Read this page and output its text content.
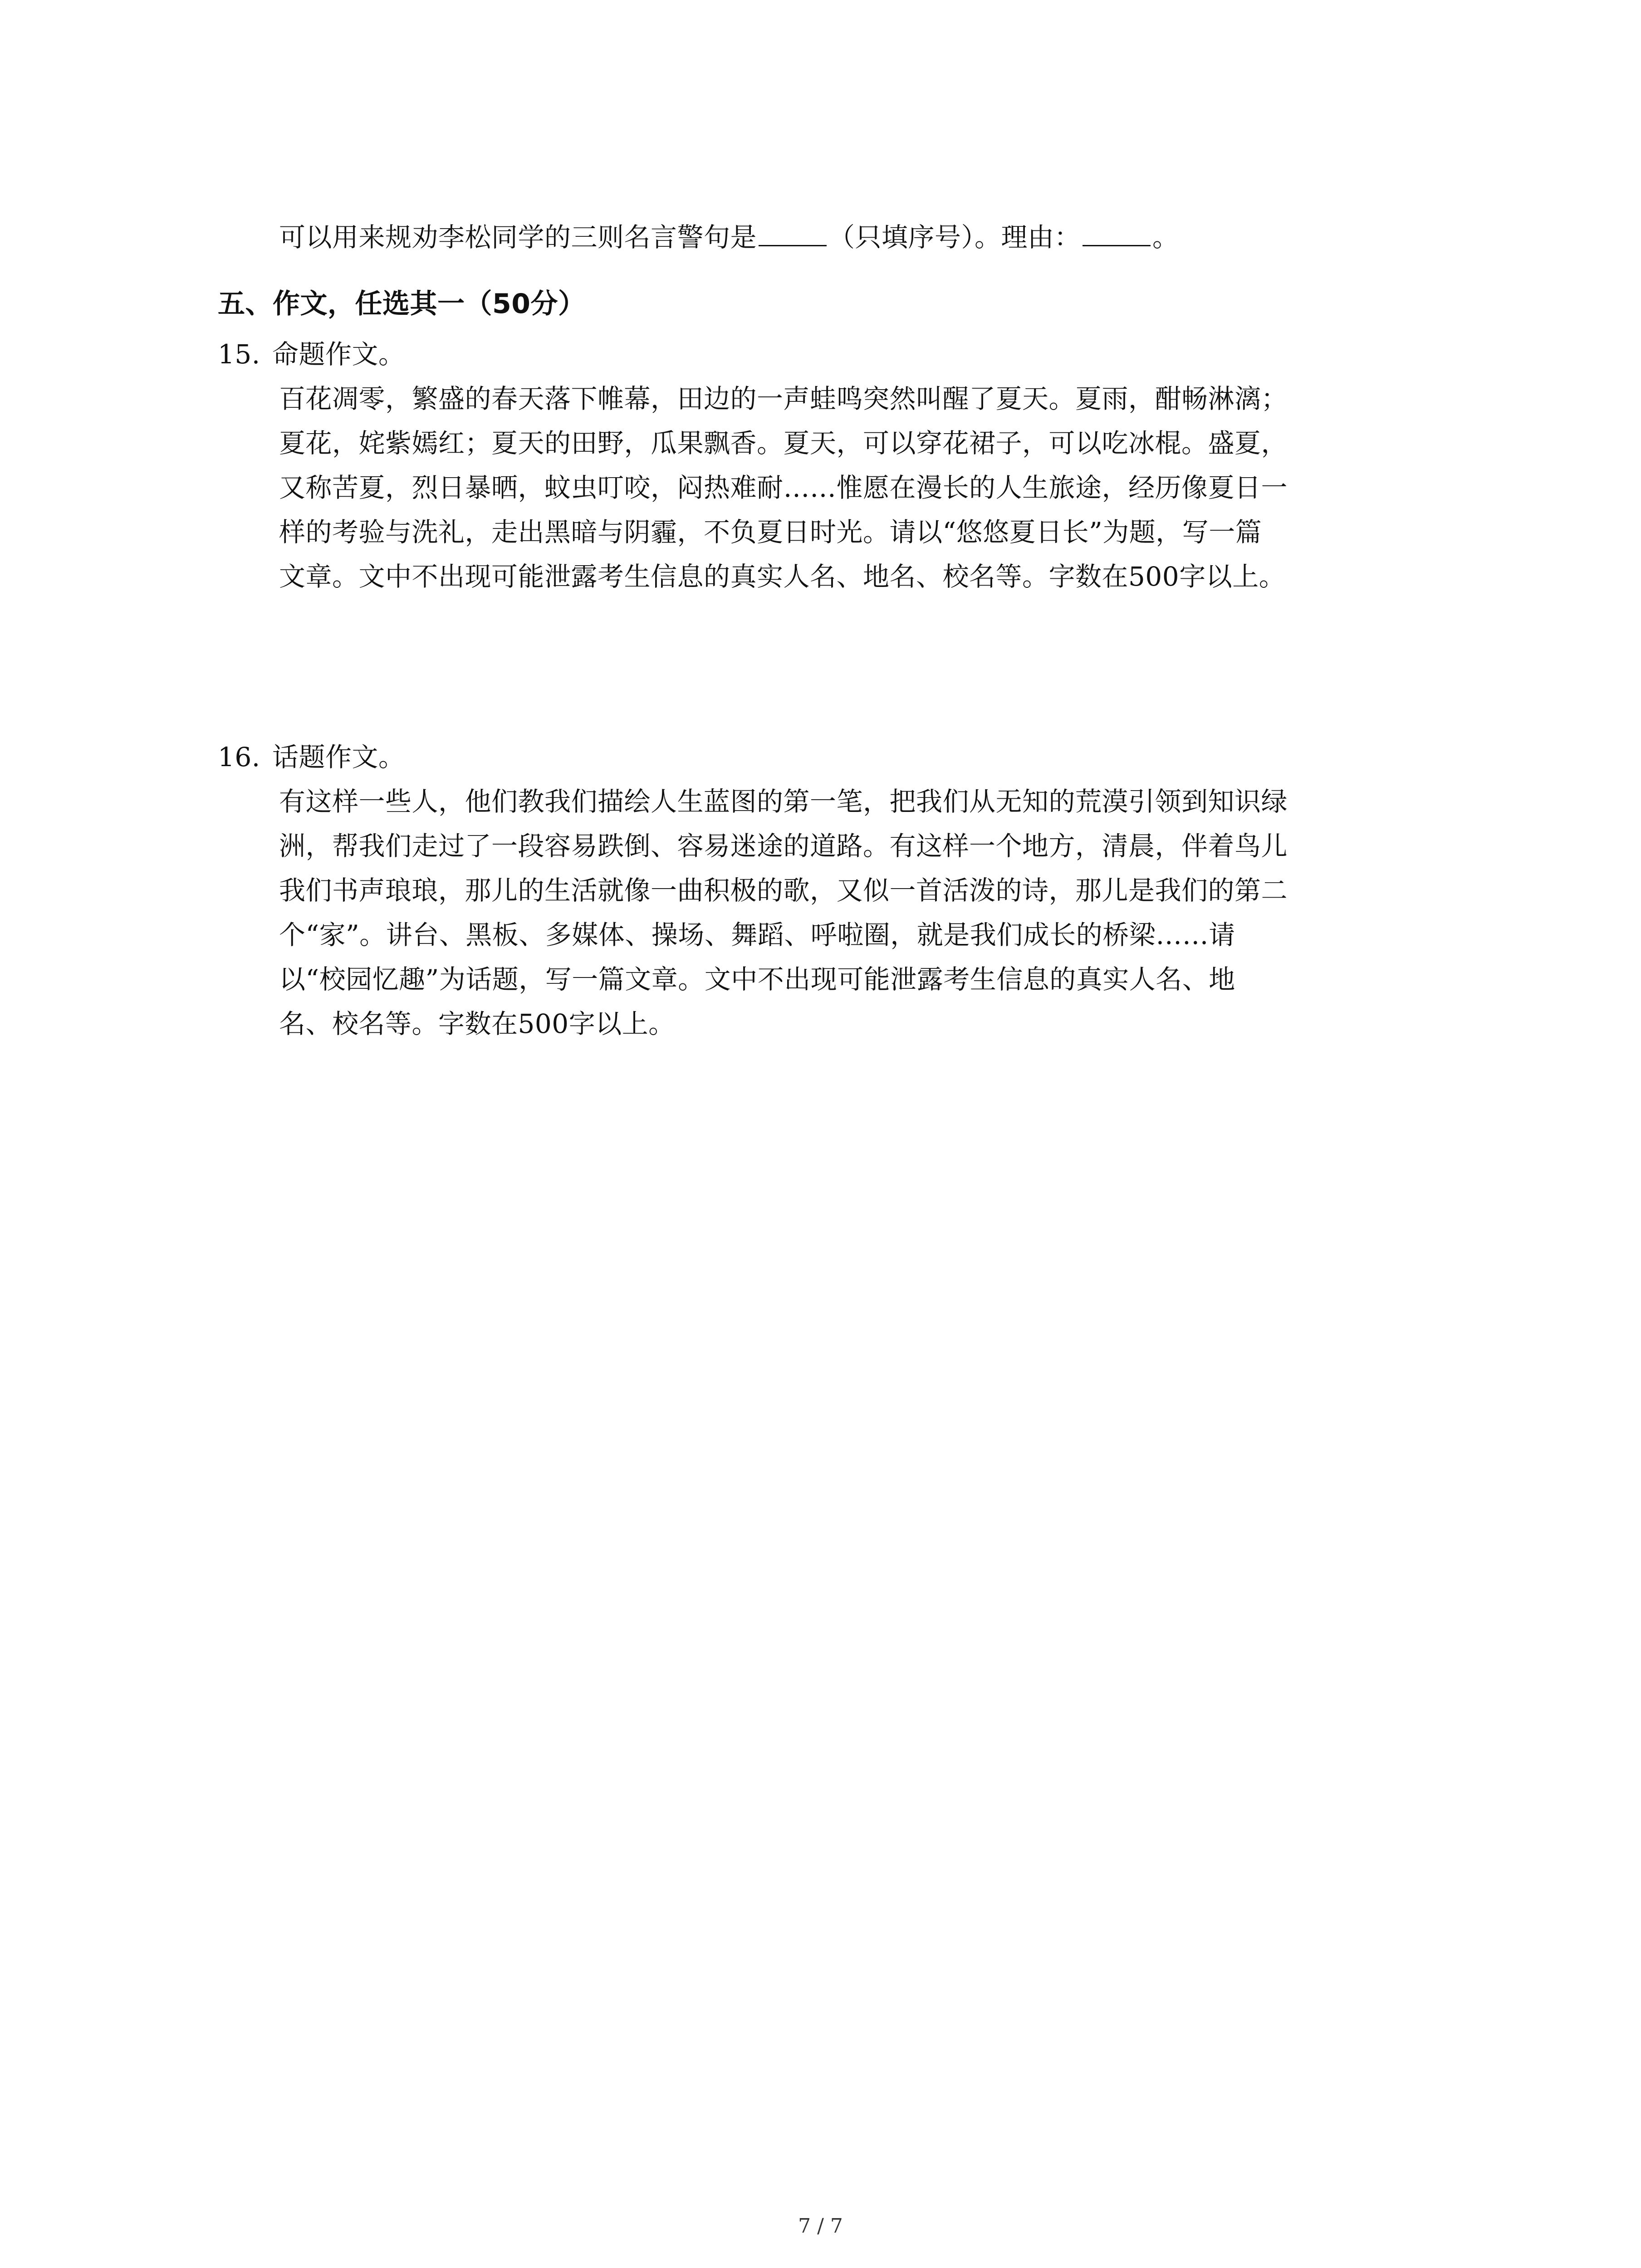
可以用来规劝李松同学的三则名言警句是	（只填序号）。理由：	。

五、作文，任选其一（50分）

15. 命题作文。

百花凋零，繁盛的春天落下帷幕，田边的一声蛙鸣突然叫醒了夏天。夏雨，酣畅淋漓；

夏花，姹紫嫣红；夏天的田野，瓜果飘香。夏天，可以穿花裙子，可以吃冰棍。盛夏，

又称苦夏，烈日暴晒，蚊虫叮咬，闷热难耐……惟愿在漫长的人生旅途，经历像夏日一

样的考验与洗礼，走出黑暗与阴霾，不负夏日时光。请以“悠悠夏日长”为题，写一篇

文章。文中不出现可能泄露考生信息的真实人名、地名、校名等。字数在500字以上。

16. 话题作文。

有这样一些人，他们教我们描绘人生蓝图的第一笔，把我们从无知的荒漠引领到知识绿

洲，帮我们走过了一段容易跌倒、容易迷途的道路。有这样一个地方，清晨，伴着鸟儿

我们书声琅琅，那儿的生活就像一曲积极的歌，又似一首活泼的诗，那儿是我们的第二

个“家”。讲台、黑板、多媒体、操场、舞蹈、呼啦圈，就是我们成长的桥梁……请

以“校园忆趣”为话题，写一篇文章。文中不出现可能泄露考生信息的真实人名、地

名、校名等。字数在500字以上。

7 / 7
